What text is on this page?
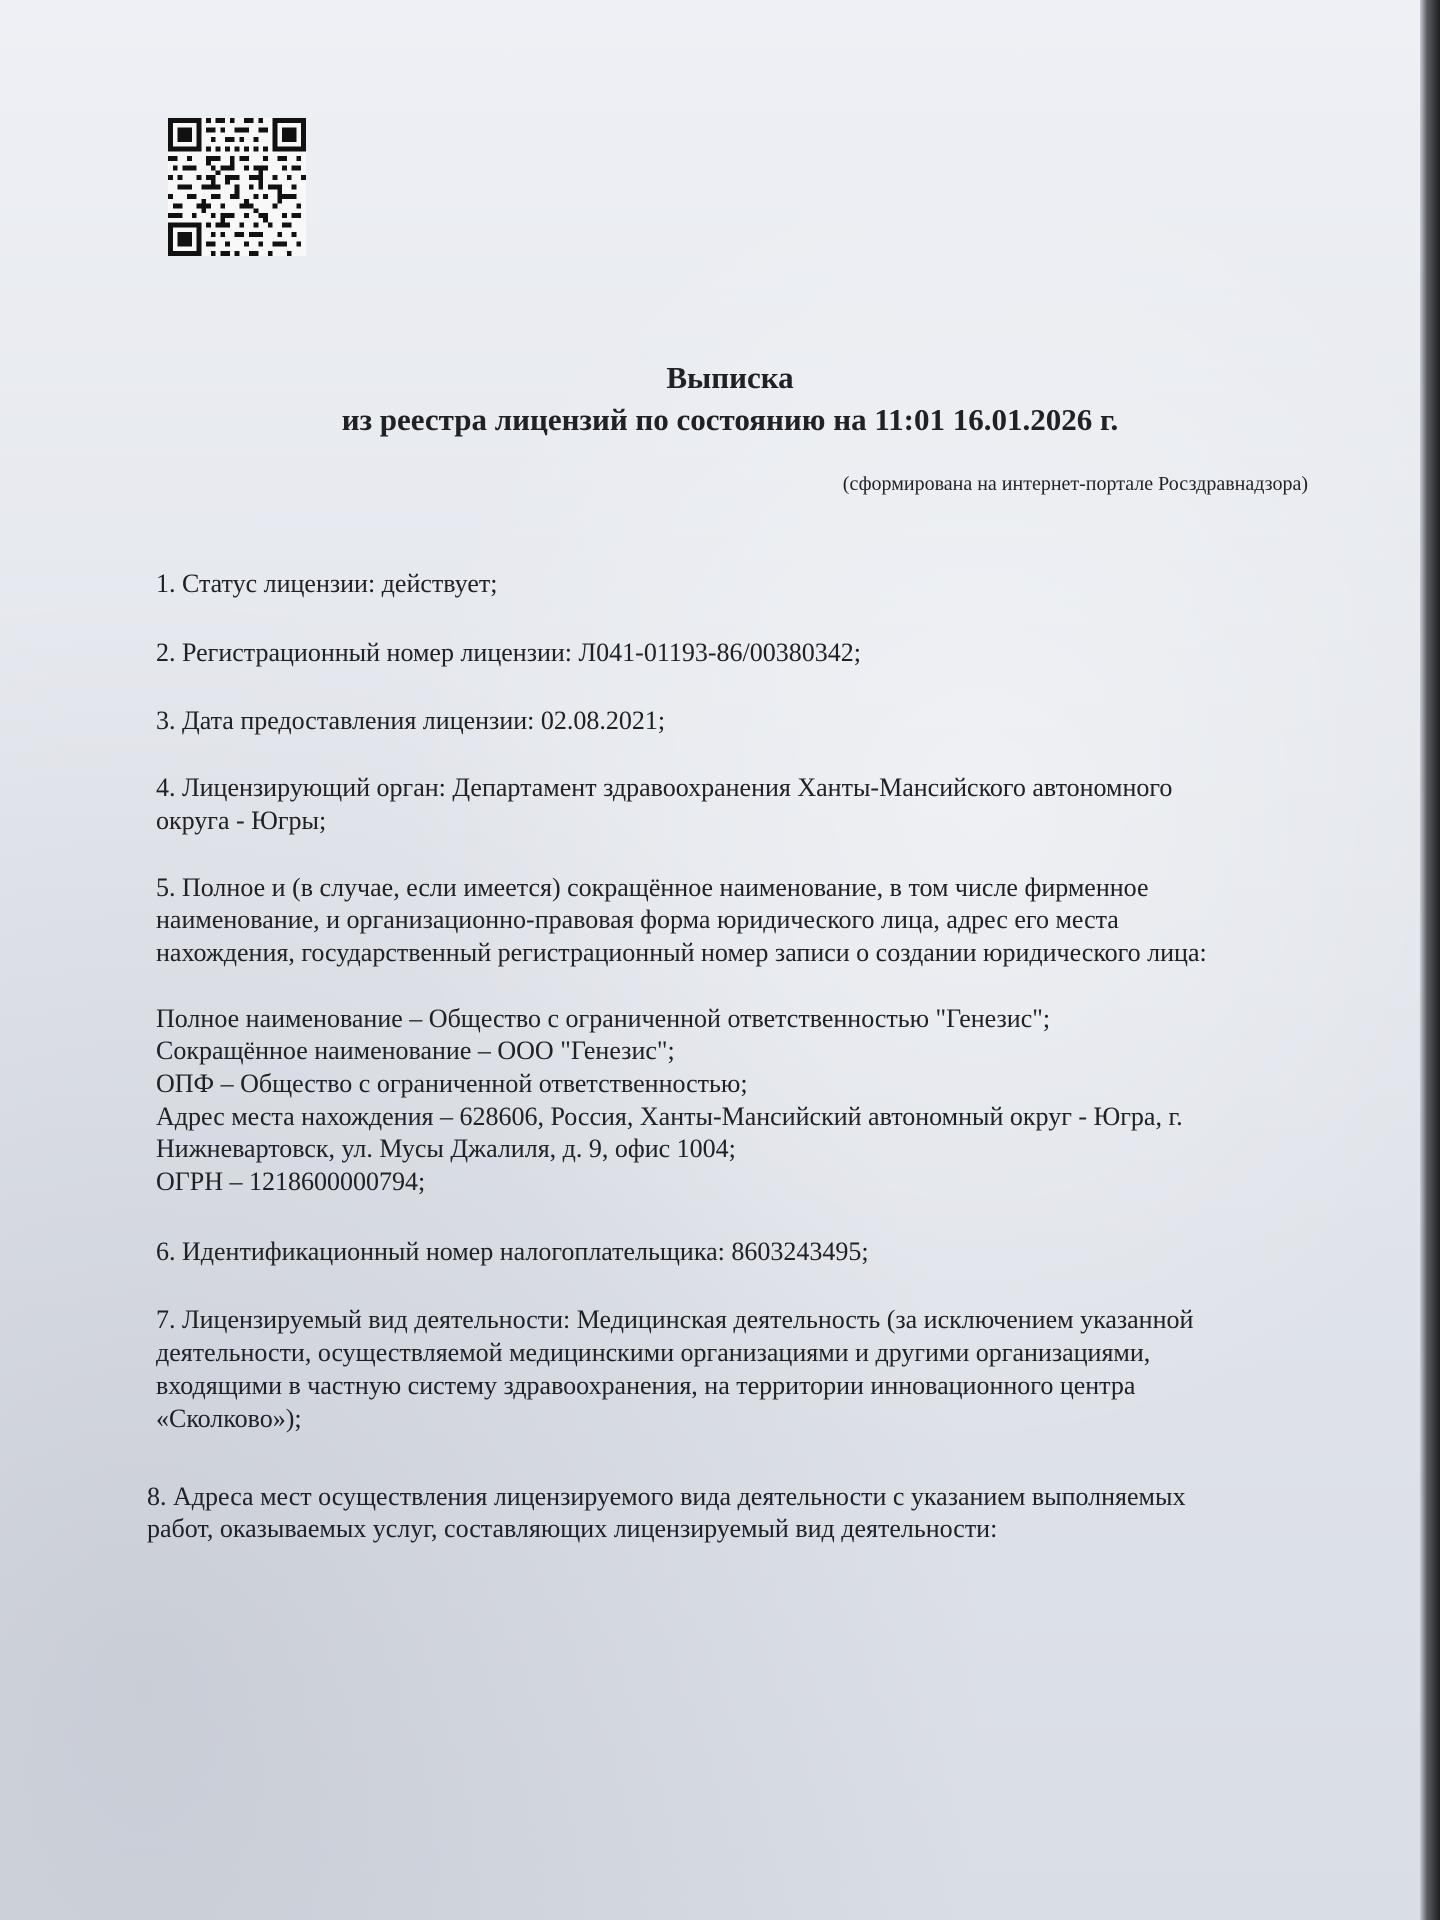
Выписка
из реестра лицензий по состоянию на 11:01 16.01.2026 г.
(сформирована на интернет-портале Росздравнадзора)
1. Статус лицензии: действует;
2. Регистрационный номер лицензии: Л041-01193-86/00380342;
3. Дата предоставления лицензии: 02.08.2021;
4. Лицензирующий орган: Департамент здравоохранения Ханты-Мансийского автономного
округа - Югры;
5. Полное и (в случае, если имеется) сокращённое наименование, в том числе фирменное
наименование, и организационно-правовая форма юридического лица, адрес его места
нахождения, государственный регистрационный номер записи о создании юридического лица:
Полное наименование – Общество с ограниченной ответственностью "Генезис";
Сокращённое наименование – ООО "Генезис";
ОПФ – Общество с ограниченной ответственностью;
Адрес места нахождения – 628606, Россия, Ханты-Мансийский автономный округ - Югра, г.
Нижневартовск, ул. Мусы Джалиля, д. 9, офис 1004;
ОГРН – 1218600000794;
6. Идентификационный номер налогоплательщика: 8603243495;
7. Лицензируемый вид деятельности: Медицинская деятельность (за исключением указанной
деятельности, осуществляемой медицинскими организациями и другими организациями,
входящими в частную систему здравоохранения, на территории инновационного центра
«Сколково»);
8. Адреса мест осуществления лицензируемого вида деятельности с указанием выполняемых
работ, оказываемых услуг, составляющих лицензируемый вид деятельности:
